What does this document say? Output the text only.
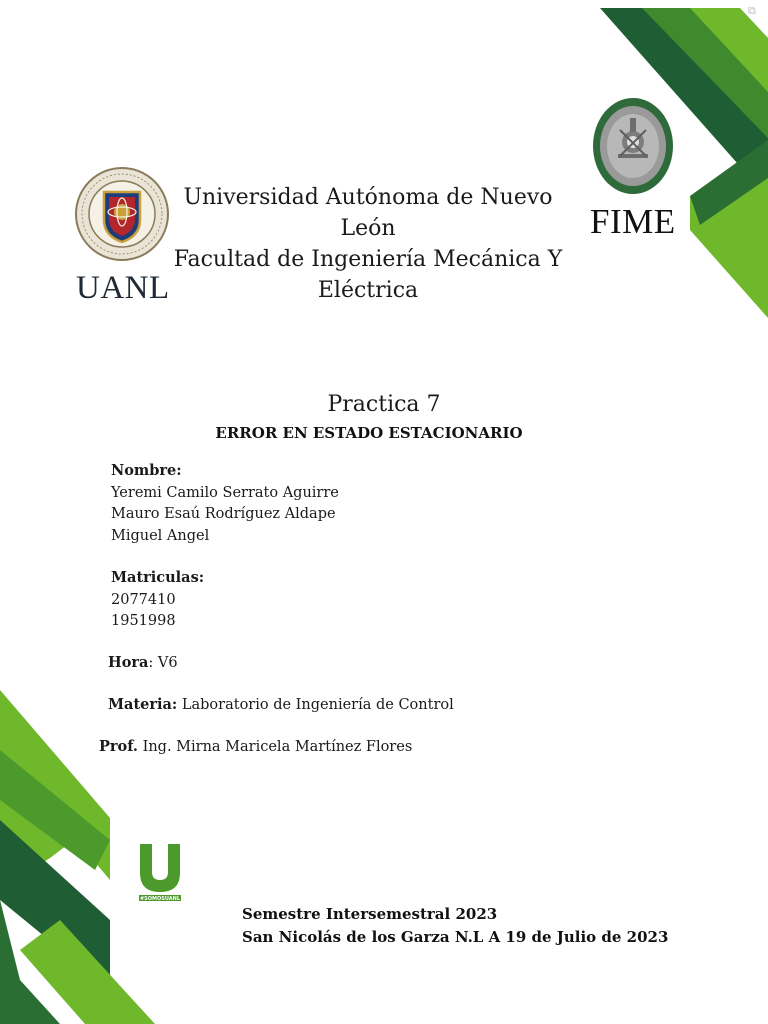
⧉
UANL
FIME
Universidad Autónoma de Nuevo
León
Facultad de Ingeniería Mecánica Y
Eléctrica
Practica 7
ERROR EN ESTADO ESTACIONARIO
Nombre:
Yeremi Camilo Serrato Aguirre
Mauro Esaú Rodríguez Aldape
Miguel Angel
Matriculas:
2077410
1951998
Hora: V6
Materia: Laboratorio de Ingeniería de Control
Prof. Ing. Mirna Maricela Martínez Flores
#SOMOSUANL
Semestre Intersemestral 2023
San Nicolás de los Garza N.L A 19 de Julio de 2023
